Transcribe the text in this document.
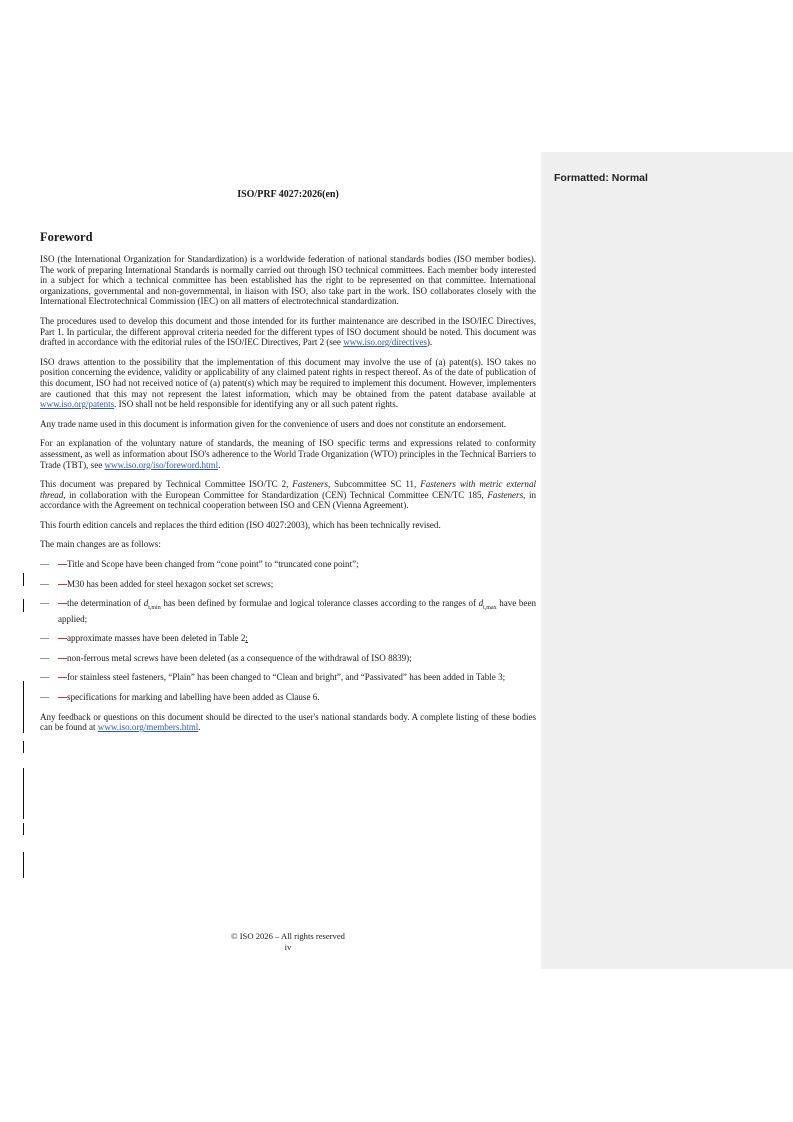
Formatted: Normal
ISO/PRF 4027:2026(en)
Foreword

ISO (the International Organization for Standardization) is a worldwide federation of national standards bodies (ISO member bodies). The work of preparing International Standards is normally carried out through ISO technical committees. Each member body interested in a subject for which a technical committee has been established has the right to be represented on that committee. International organizations, governmental and non-governmental, in liaison with ISO, also take part in the work. ISO collaborates closely with the International Electrotechnical Commission (IEC) on all matters of electrotechnical standardization.

The procedures used to develop this document and those intended for its further maintenance are described in the ISO/IEC Directives, Part 1. In particular, the different approval criteria needed for the different types of ISO document should be noted. This document was drafted in accordance with the editorial rules of the ISO/IEC Directives, Part 2 (see www.iso.org/directives).

ISO draws attention to the possibility that the implementation of this document may involve the use of (a) patent(s). ISO takes no position concerning the evidence, validity or applicability of any claimed patent rights in respect thereof. As of the date of publication of this document, ISO had not received notice of (a) patent(s) which may be required to implement this document. However, implementers are cautioned that this may not represent the latest information, which may be obtained from the patent database available at www.iso.org/patents. ISO shall not be held responsible for identifying any or all such patent rights.

Any trade name used in this document is information given for the convenience of users and does not constitute an endorsement.

For an explanation of the voluntary nature of standards, the meaning of ISO specific terms and expressions related to conformity assessment, as well as information about ISO's adherence to the World Trade Organization (WTO) principles in the Technical Barriers to Trade (TBT), see www.iso.org/iso/foreword.html.

This document was prepared by Technical Committee ISO/TC 2, Fasteners, Subcommittee SC 11, Fasteners with metric external thread, in collaboration with the European Committee for Standardization (CEN) Technical Committee CEN/TC 185, Fasteners, in accordance with the Agreement on technical cooperation between ISO and CEN (Vienna Agreement).

This fourth edition cancels and replaces the third edition (ISO 4027:2003), which has been technically revised.

The main changes are as follows:

— —Title and Scope have been changed from “cone point” to “truncated cone point”;
— —M30 has been added for steel hexagon socket set screws;
— —the determination of $d_{t,min}$ has been defined by formulae and logical tolerance classes according to the ranges of $d_{t,max}$ have been applied;
— —approximate masses have been deleted in Table 2;
— —non-ferrous metal screws have been deleted (as a consequence of the withdrawal of ISO 8839);
— —for stainless steel fasteners, “Plain” has been changed to “Clean and bright”, and “Passivated” has been added in Table 3;
— —specifications for marking and labelling have been added as Clause 6.

Any feedback or questions on this document should be directed to the user's national standards body. A complete listing of these bodies can be found at www.iso.org/members.html.

© ISO 2026 – All rights reserved
iv
